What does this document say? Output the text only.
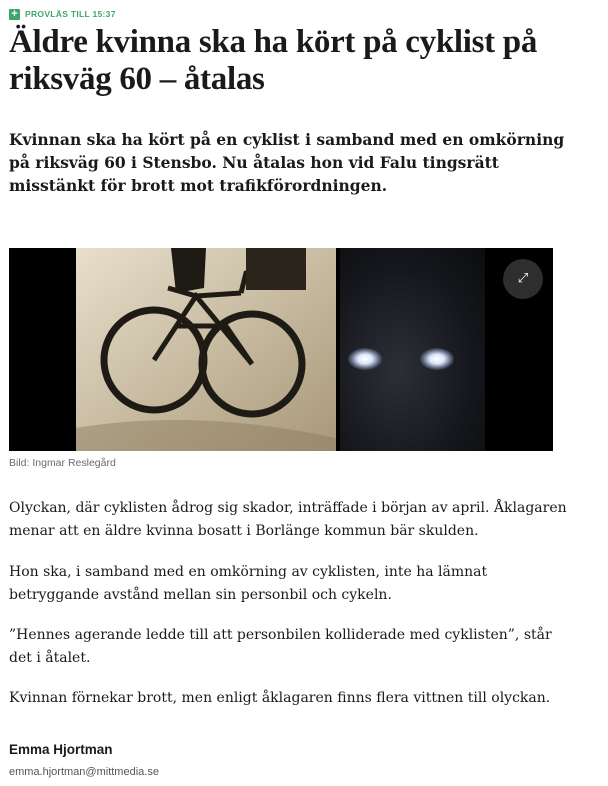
+ PROVLÄS TILL 15:37
Äldre kvinna ska ha kört på cyklist på riksväg 60 – åtalas

Kvinnan ska ha kört på en cyklist i samband med en omkörning på riksväg 60 i Stensbo. Nu åtalas hon vid Falu tingsrätt misstänkt för brott mot trafikförordningen.

⤢
Bild: Ingmar Reslegård

Olyckan, där cyklisten ådrog sig skador, inträffade i början av april. Åklagaren menar att en äldre kvinna bosatt i Borlänge kommun bär skulden.

Hon ska, i samband med en omkörning av cyklisten, inte ha lämnat betryggande avstånd mellan sin personbil och cykeln.

”Hennes agerande ledde till att personbilen kolliderade med cyklisten”, står det i åtalet.

Kvinnan förnekar brott, men enligt åklagaren finns flera vittnen till olyckan.

Emma Hjortman
emma.hjortman@mittmedia.se
